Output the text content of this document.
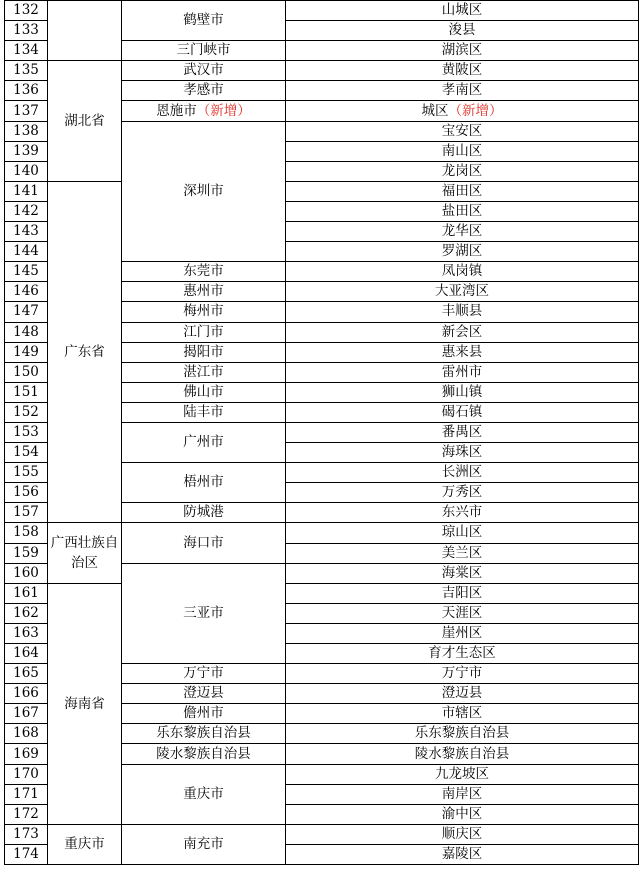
132		鹤壁市	山城区
133			浚县
134		三门峡市	湖滨区
135	湖北省	武汉市	黄陂区
136		孝感市	孝南区
137		恩施市（新增）	城区（新增）
138		深圳市	宝安区
139			南山区
140			龙岗区
141	广东省		福田区
142			盐田区
143			龙华区
144			罗湖区
145		东莞市	凤岗镇
146		惠州市	大亚湾区
147		梅州市	丰顺县
148		江门市	新会区
149		揭阳市	惠来县
150		湛江市	雷州市
151		佛山市	狮山镇
152		陆丰市	碣石镇
153		广州市	番禺区
154			海珠区
155		梧州市	长洲区
156			万秀区
157		防城港	东兴市
158	广西壮族自治区	海口市	琼山区
159			美兰区
160		三亚市	海棠区
161	海南省		吉阳区
162			天涯区
163			崖州区
164			育才生态区
165		万宁市	万宁市
166		澄迈县	澄迈县
167		儋州市	市辖区
168		乐东黎族自治县	乐东黎族自治县
169		陵水黎族自治县	陵水黎族自治县
170		重庆市	九龙坡区
171			南岸区
172			渝中区
173	重庆市	南充市	顺庆区
174			嘉陵区
